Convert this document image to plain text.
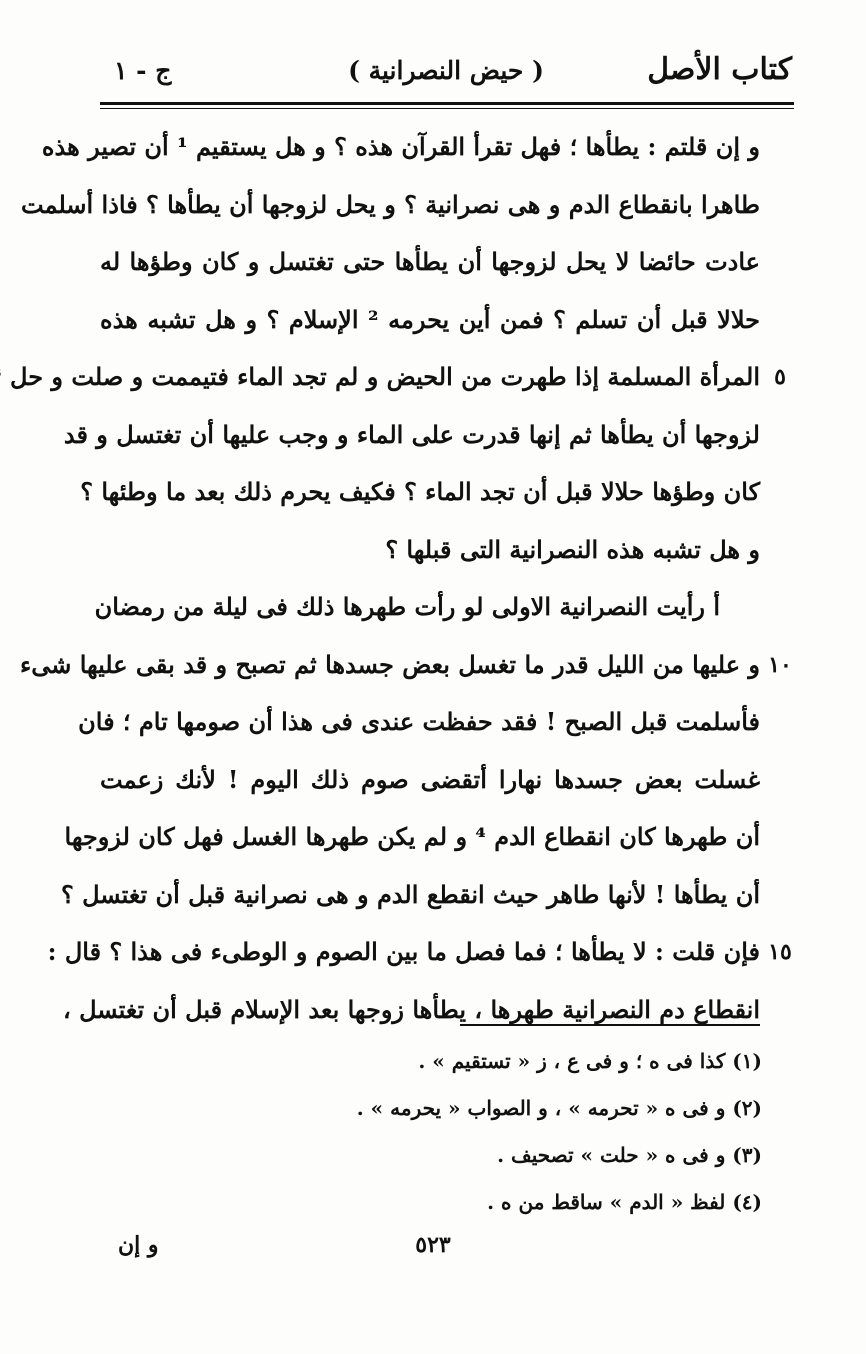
كتاب الأصل
( حيض النصرانية )
ج - ١
و إن قلتم : يطأها ؛ فهل تقرأ القرآن هذه ؟ و هل يستقيم ¹ أن تصير هذه
طاهرا بانقطاع الدم و هى نصرانية ؟ و يحل لزوجها أن يطأها ؟ فاذا أسلمت
عادت حائضا لا يحل لزوجها أن يطأها حتى تغتسل و كان وطؤها له
حلالا قبل أن تسلم ؟ فمن أين يحرمه ² الإسلام ؟ و هل تشبه هذه
المرأة المسلمة إذا طهرت من الحيض و لم تجد الماء فتيممت و صلت و حل	٥
لزوجها أن يطأها ثم إنها قدرت على الماء و وجب عليها أن تغتسل و قد
كان وطؤها حلالا قبل أن تجد الماء ؟ فكيف يحرم ذلك بعد ما وطئها ؟
و هل تشبه هذه النصرانية التى قبلها ؟
أ رأيت النصرانية الاولى لو رأت طهرها ذلك فى ليلة من رمضان
و عليها من الليل قدر ما تغسل بعض جسدها ثم تصبح و قد بقى عليها شىء ١٠
فأسلمت قبل الصبح ! فقد حفظت عندى فى هذا أن صومها تام ؛ فان
غسلت بعض جسدها نهارا أتقضى صوم ذلك اليوم ! لأنك زعمت
أن طهرها كان انقطاع الدم ⁴ و لم يكن طهرها الغسل فهل كان لزوجها
أن يطأها ! لأنها طاهر حيث انقطع الدم و هى نصرانية قبل أن تغتسل ؟
فإن قلت : لا يطأها ؛ فما فصل ما بين الصوم و الوطىء فى هذا ؟ قال : ١٥
انقطاع دم النصرانية طهرها ، يطأها زوجها بعد الإسلام قبل أن تغتسل ،
(١) كذا فى ه ؛ و فى ع ، ز « تستقيم » .
(٢) و فى ه « تحرمه » ، و الصواب « يحرمه » .
(٣) و فى ه « حلت » تصحيف .
(٤) لفظ « الدم » ساقط من ه .
٥٢٣
و إن
